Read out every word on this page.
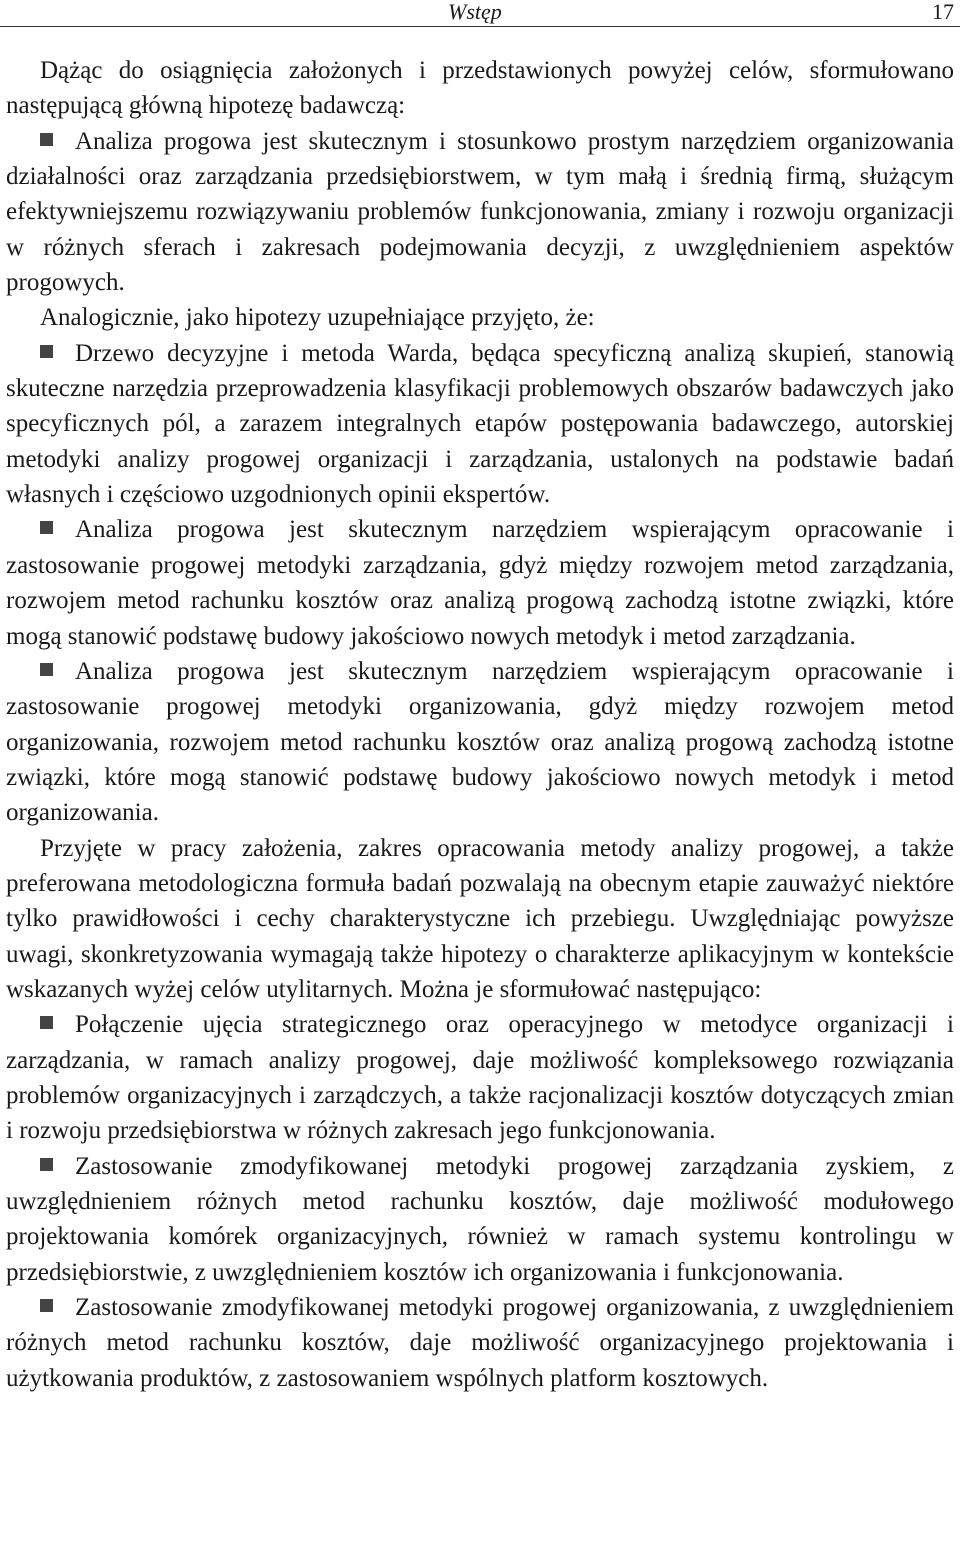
Wstęp	17

Dążąc do osiągnięcia założonych i przedstawionych powyżej celów, sformułowano następującą główną hipotezę badawczą:

Analiza progowa jest skutecznym i stosunkowo prostym narzędziem organizowania działalności oraz zarządzania przedsiębiorstwem, w tym małą i średnią firmą, służącym efektywniejszemu rozwiązywaniu problemów funkcjonowania, zmiany i rozwoju organizacji w różnych sferach i zakresach podejmowania decyzji, z uwzględnieniem aspektów progowych.

Analogicznie, jako hipotezy uzupełniające przyjęto, że:

Drzewo decyzyjne i metoda Warda, będąca specyficzną analizą skupień, stanowią skuteczne narzędzia przeprowadzenia klasyfikacji problemowych obszarów badawczych jako specyficznych pól, a zarazem integralnych etapów postępowania badawczego, autorskiej metodyki analizy progowej organizacji i zarządzania, ustalonych na podstawie badań własnych i częściowo uzgodnionych opinii ekspertów.

Analiza progowa jest skutecznym narzędziem wspierającym opracowanie i zastosowanie progowej metodyki zarządzania, gdyż między rozwojem metod zarządzania, rozwojem metod rachunku kosztów oraz analizą progową zachodzą istotne związki, które mogą stanowić podstawę budowy jakościowo nowych metodyk i metod zarządzania.

Analiza progowa jest skutecznym narzędziem wspierającym opracowanie i zastosowanie progowej metodyki organizowania, gdyż między rozwojem metod organizowania, rozwojem metod rachunku kosztów oraz analizą progową zachodzą istotne związki, które mogą stanowić podstawę budowy jakościowo nowych metodyk i metod organizowania.

Przyjęte w pracy założenia, zakres opracowania metody analizy progowej, a także preferowana metodologiczna formuła badań pozwalają na obecnym etapie zauważyć niektóre tylko prawidłowości i cechy charakterystyczne ich przebiegu. Uwzględniając powyższe uwagi, skonkretyzowania wymagają także hipotezy o charakterze aplikacyjnym w kontekście wskazanych wyżej celów utylitarnych. Można je sformułować następująco:

Połączenie ujęcia strategicznego oraz operacyjnego w metodyce organizacji i zarządzania, w ramach analizy progowej, daje możliwość kompleksowego rozwiązania problemów organizacyjnych i zarządczych, a także racjonalizacji kosztów dotyczących zmian i rozwoju przedsiębiorstwa w różnych zakresach jego funkcjonowania.

Zastosowanie zmodyfikowanej metodyki progowej zarządzania zyskiem, z uwzględnieniem różnych metod rachunku kosztów, daje możliwość modułowego projektowania komórek organizacyjnych, również w ramach systemu kontrolingu w przedsiębiorstwie, z uwzględnieniem kosztów ich organizowania i funkcjonowania.

Zastosowanie zmodyfikowanej metodyki progowej organizowania, z uwzględnieniem różnych metod rachunku kosztów, daje możliwość organizacyjnego projektowania i użytkowania produktów, z zastosowaniem wspólnych platform kosztowych.
